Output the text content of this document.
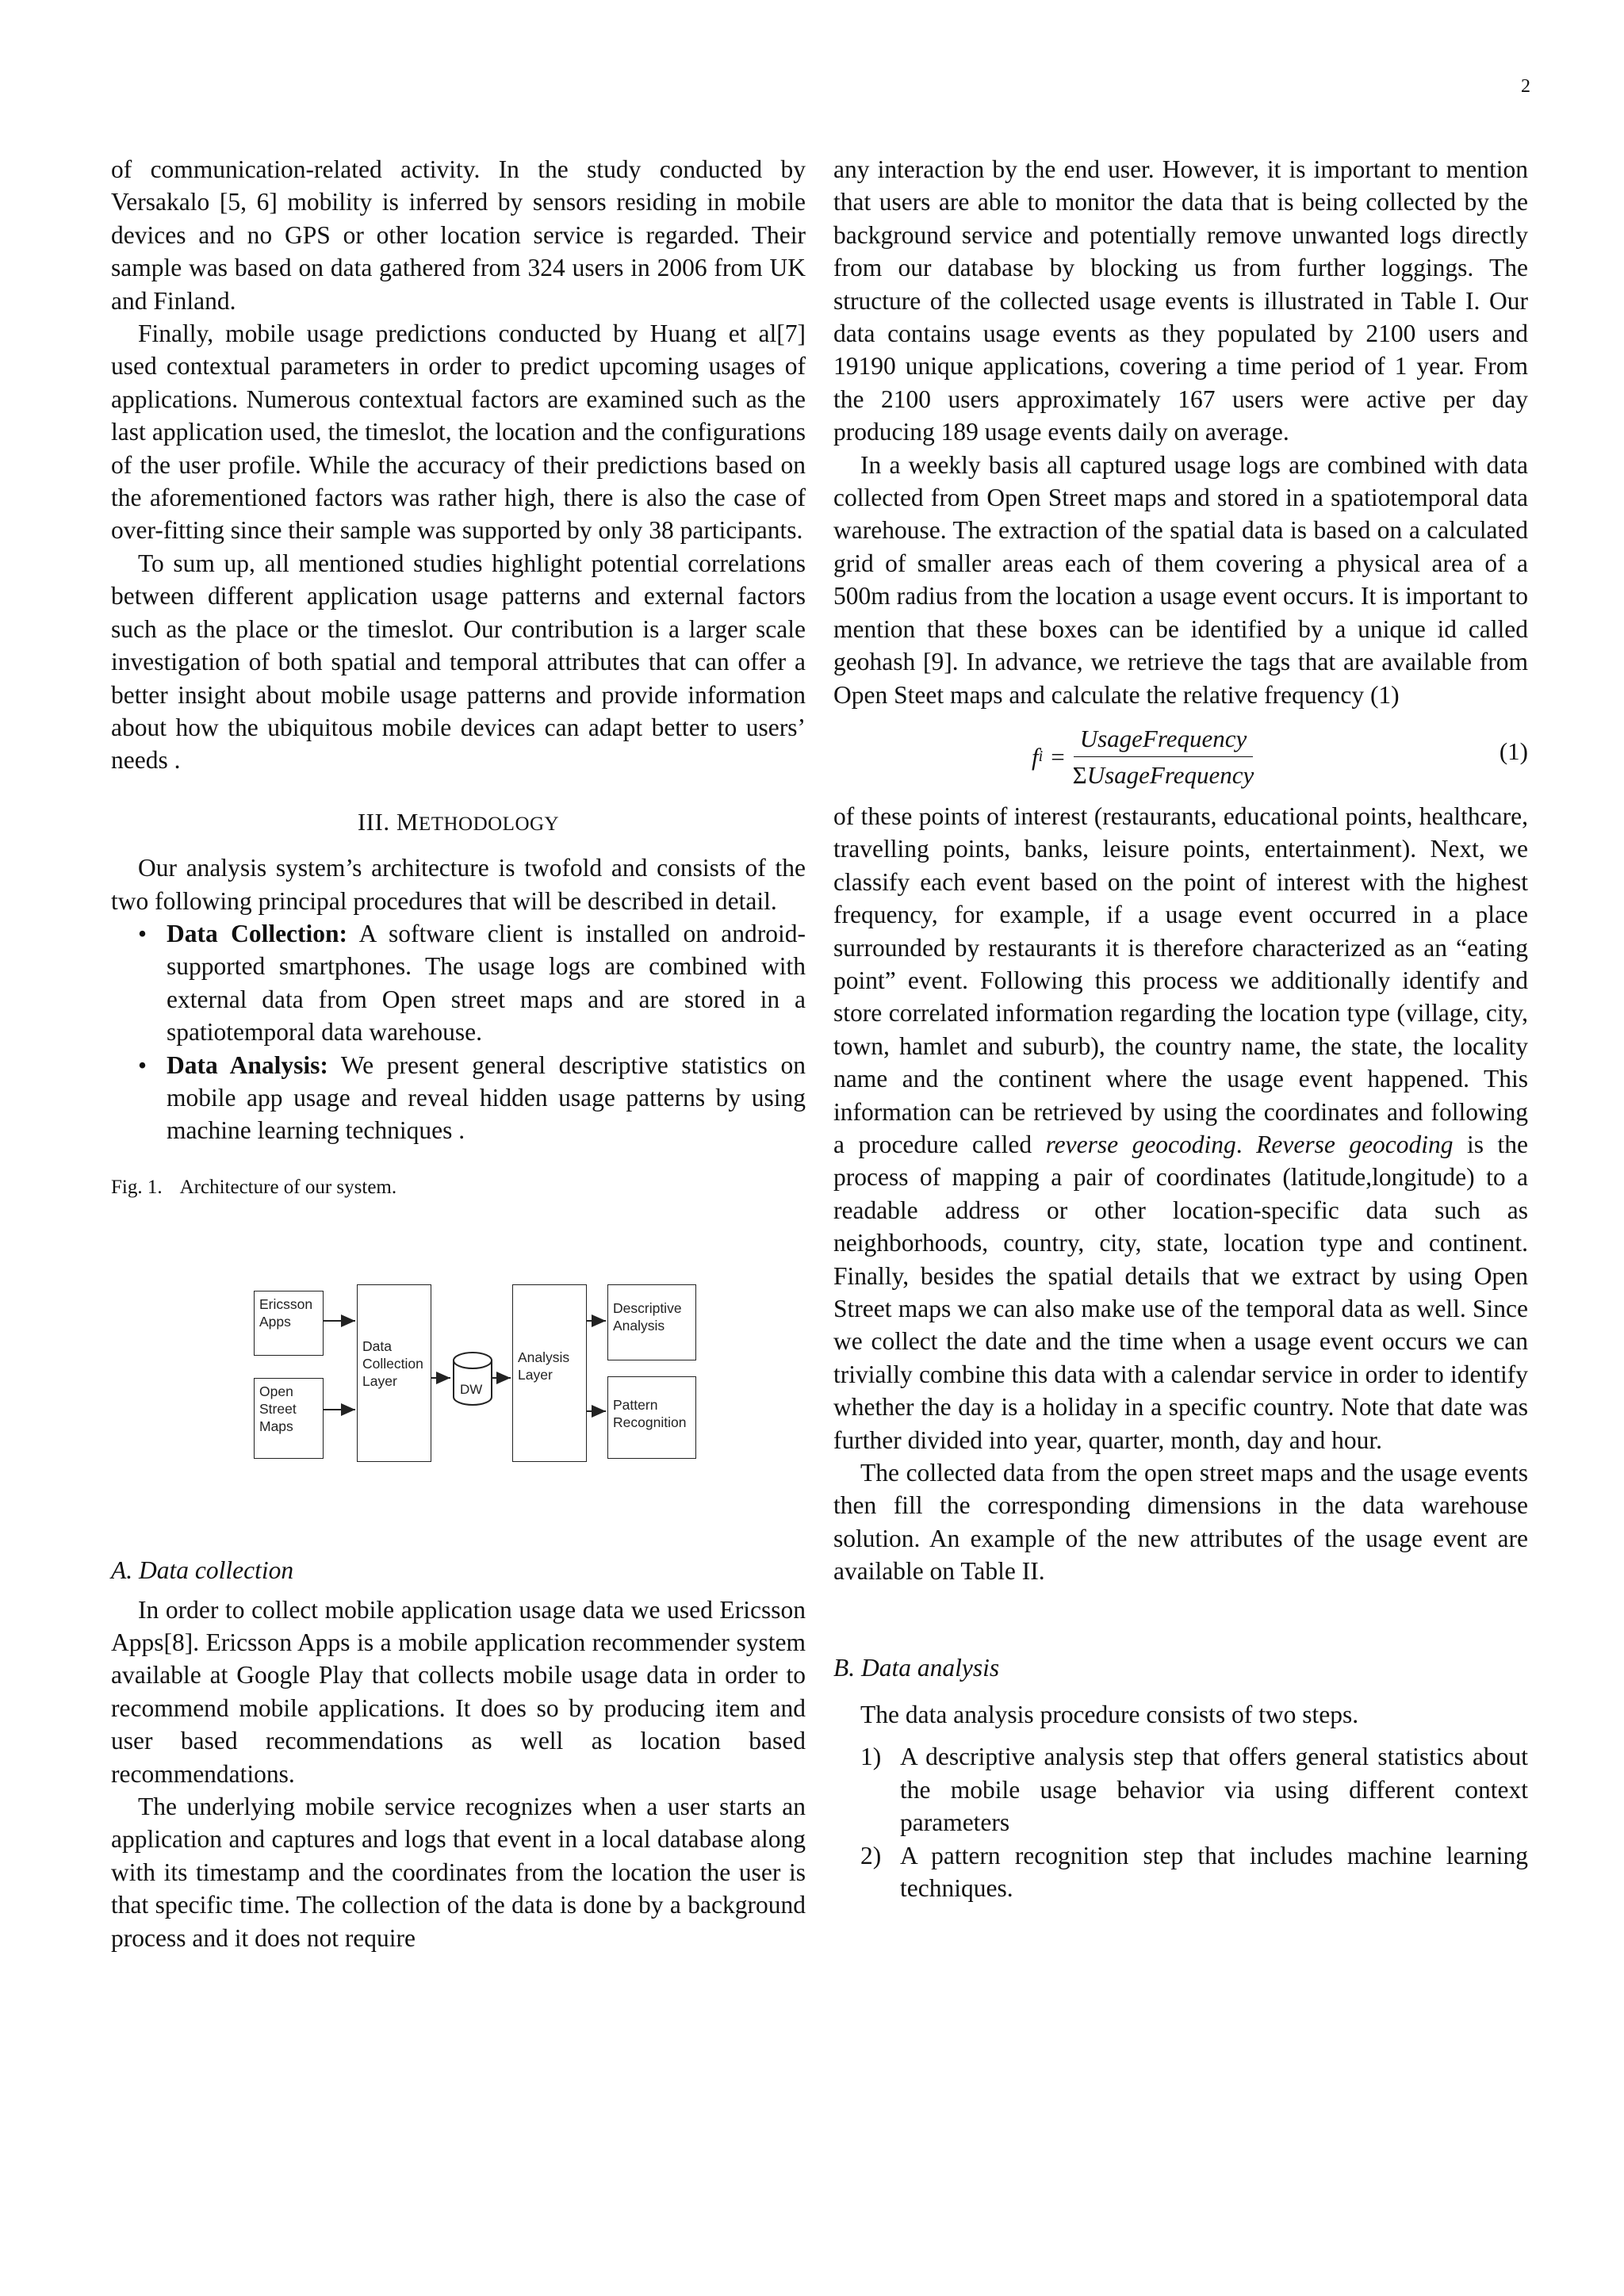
2

of communication-related activity. In the study conducted by Versakalo [5, 6] mobility is inferred by sensors residing in mobile devices and no GPS or other location service is regarded. Their sample was based on data gathered from 324 users in 2006 from UK and Finland.

Finally, mobile usage predictions conducted by Huang et al[7] used contextual parameters in order to predict upcoming usages of applications. Numerous contextual factors are examined such as the last application used, the timeslot, the location and the configurations of the user profile. While the accuracy of their predictions based on the aforementioned factors was rather high, there is also the case of over-fitting since their sample was supported by only 38 participants.

To sum up, all mentioned studies highlight potential correlations between different application usage patterns and external factors such as the place or the timeslot. Our contribution is a larger scale investigation of both spatial and temporal attributes that can offer a better insight about mobile usage patterns and provide information about how the ubiquitous mobile devices can adapt better to users’ needs .

III. METHODOLOGY

Our analysis system’s architecture is twofold and consists of the two following principal procedures that will be described in detail.

• Data Collection: A software client is installed on android-supported smartphones. The usage logs are combined with external data from Open street maps and are stored in a spatiotemporal data warehouse.
• Data Analysis: We present general descriptive statistics on mobile app usage and reveal hidden usage patterns by using machine learning techniques .
Fig. 1. Architecture of our system.
Ericsson
Apps
Open
Street
Maps
Data
Collection
Layer
DW
Analysis
Layer
Descriptive
Analysis
Pattern
Recognition
A. Data collection

In order to collect mobile application usage data we used Ericsson Apps[8]. Ericsson Apps is a mobile application recommender system available at Google Play that collects mobile usage data in order to recommend mobile applications. It does so by producing item and user based recommendations as well as location based recommendations.

The underlying mobile service recognizes when a user starts an application and captures and logs that event in a local database along with its timestamp and the coordinates from the location the user is that specific time. The collection of the data is done by a background process and it does not require

any interaction by the end user. However, it is important to mention that users are able to monitor the data that is being collected by the background service and potentially remove unwanted logs directly from our database by blocking us from further loggings. The structure of the collected usage events is illustrated in Table I. Our data contains usage events as they populated by 2100 users and 19190 unique applications, covering a time period of 1 year. From the 2100 users approximately 167 users were active per day producing 189 usage events daily on average.

In a weekly basis all captured usage logs are combined with data collected from Open Street maps and stored in a spatiotemporal data warehouse. The extraction of the spatial data is based on a calculated grid of smaller areas each of them covering a physical area of a 500m radius from the location a usage event occurs. It is important to mention that these boxes can be identified by a unique id called geohash [9]. In advance, we retrieve the tags that are available from Open Steet maps and calculate the relative frequency (1)

f $i = \frac{\text{UsageFrequency}}{\text{ΣUsageFrequency}}$	(1)

of these points of interest (restaurants, educational points, healthcare, travelling points, banks, leisure points, entertainment). Next, we classify each event based on the point of interest with the highest frequency, for example, if a usage event occurred in a place surrounded by restaurants it is therefore characterized as an “eating point” event. Following this process we additionally identify and store correlated information regarding the location type (village, city, town, hamlet and suburb), the country name, the state, the locality name and the continent where the usage event happened. This information can be retrieved by using the coordinates and following a procedure called reverse geocoding. Reverse geocoding is the process of mapping a pair of coordinates (latitude,longitude) to a readable address or other location-specific data such as neighborhoods, country, city, state, location type and continent. Finally, besides the spatial details that we extract by using Open Street maps we can also make use of the temporal data as well. Since we collect the date and the time when a usage event occurs we can trivially combine this data with a calendar service in order to identify whether the day is a holiday in a specific country. Note that date was further divided into year, quarter, month, day and hour.

The collected data from the open street maps and the usage events then fill the corresponding dimensions in the data warehouse solution. An example of the new attributes of the usage event are available on Table II.

B. Data analysis

The data analysis procedure consists of two steps.

1) A descriptive analysis step that offers general statistics about the mobile usage behavior via using different context parameters
2) A pattern recognition step that includes machine learning techniques.
